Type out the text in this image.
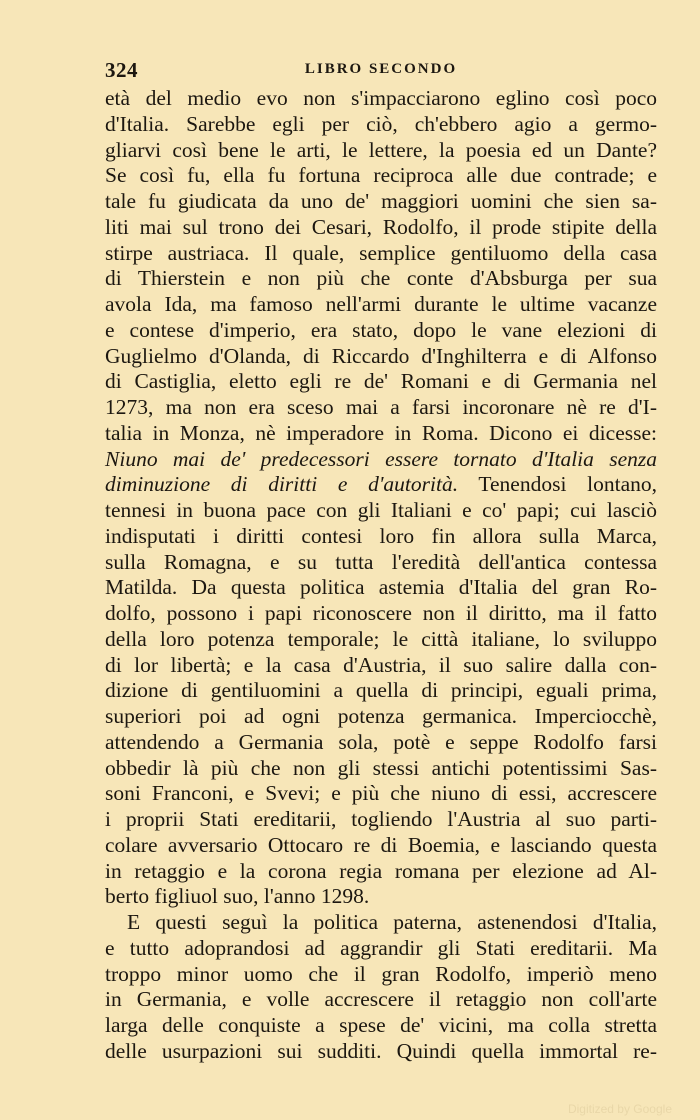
324	LIBRO SECONDO
età del medio evo non s'impacciarono eglino così poco
d'Italia. Sarebbe egli per ciò, ch'ebbero agio a germo-
gliarvi così bene le arti, le lettere, la poesia ed un Dante?
Se così fu, ella fu fortuna reciproca alle due contrade; e
tale fu giudicata da uno de' maggiori uomini che sien sa-
liti mai sul trono dei Cesari, Rodolfo, il prode stipite della
stirpe austriaca. Il quale, semplice gentiluomo della casa
di Thierstein e non più che conte d'Absburga per sua
avola Ida, ma famoso nell'armi durante le ultime vacanze
e contese d'imperio, era stato, dopo le vane elezioni di
Guglielmo d'Olanda, di Riccardo d'Inghilterra e di Alfonso
di Castiglia, eletto egli re de' Romani e di Germania nel
1273, ma non era sceso mai a farsi incoronare nè re d'I-
talia in Monza, nè imperadore in Roma. Dicono ei dicesse:
Niuno mai de' predecessori essere tornato d'Italia senza
diminuzione di diritti e d'autorità. Tenendosi lontano,
tennesi in buona pace con gli Italiani e co' papi; cui lasciò
indisputati i diritti contesi loro fin allora sulla Marca,
sulla Romagna, e su tutta l'eredità dell'antica contessa
Matilda. Da questa politica astemia d'Italia del gran Ro-
dolfo, possono i papi riconoscere non il diritto, ma il fatto
della loro potenza temporale; le città italiane, lo sviluppo
di lor libertà; e la casa d'Austria, il suo salire dalla con-
dizione di gentiluomini a quella di principi, eguali prima,
superiori poi ad ogni potenza germanica. Imperciocchè,
attendendo a Germania sola, potè e seppe Rodolfo farsi
obbedir là più che non gli stessi antichi potentissimi Sas-
soni Franconi, e Svevi; e più che niuno di essi, accrescere
i proprii Stati ereditarii, togliendo l'Austria al suo parti-
colare avversario Ottocaro re di Boemia, e lasciando questa
in retaggio e la corona regia romana per elezione ad Al-
berto figliuol suo, l'anno 1298.
E questi seguì la politica paterna, astenendosi d'Italia,
e tutto adoprandosi ad aggrandir gli Stati ereditarii. Ma
troppo minor uomo che il gran Rodolfo, imperiò meno
in Germania, e volle accrescere il retaggio non coll'arte
larga delle conquiste a spese de' vicini, ma colla stretta
delle usurpazioni sui sudditi. Quindi quella immortal re-
Digitized by Google
